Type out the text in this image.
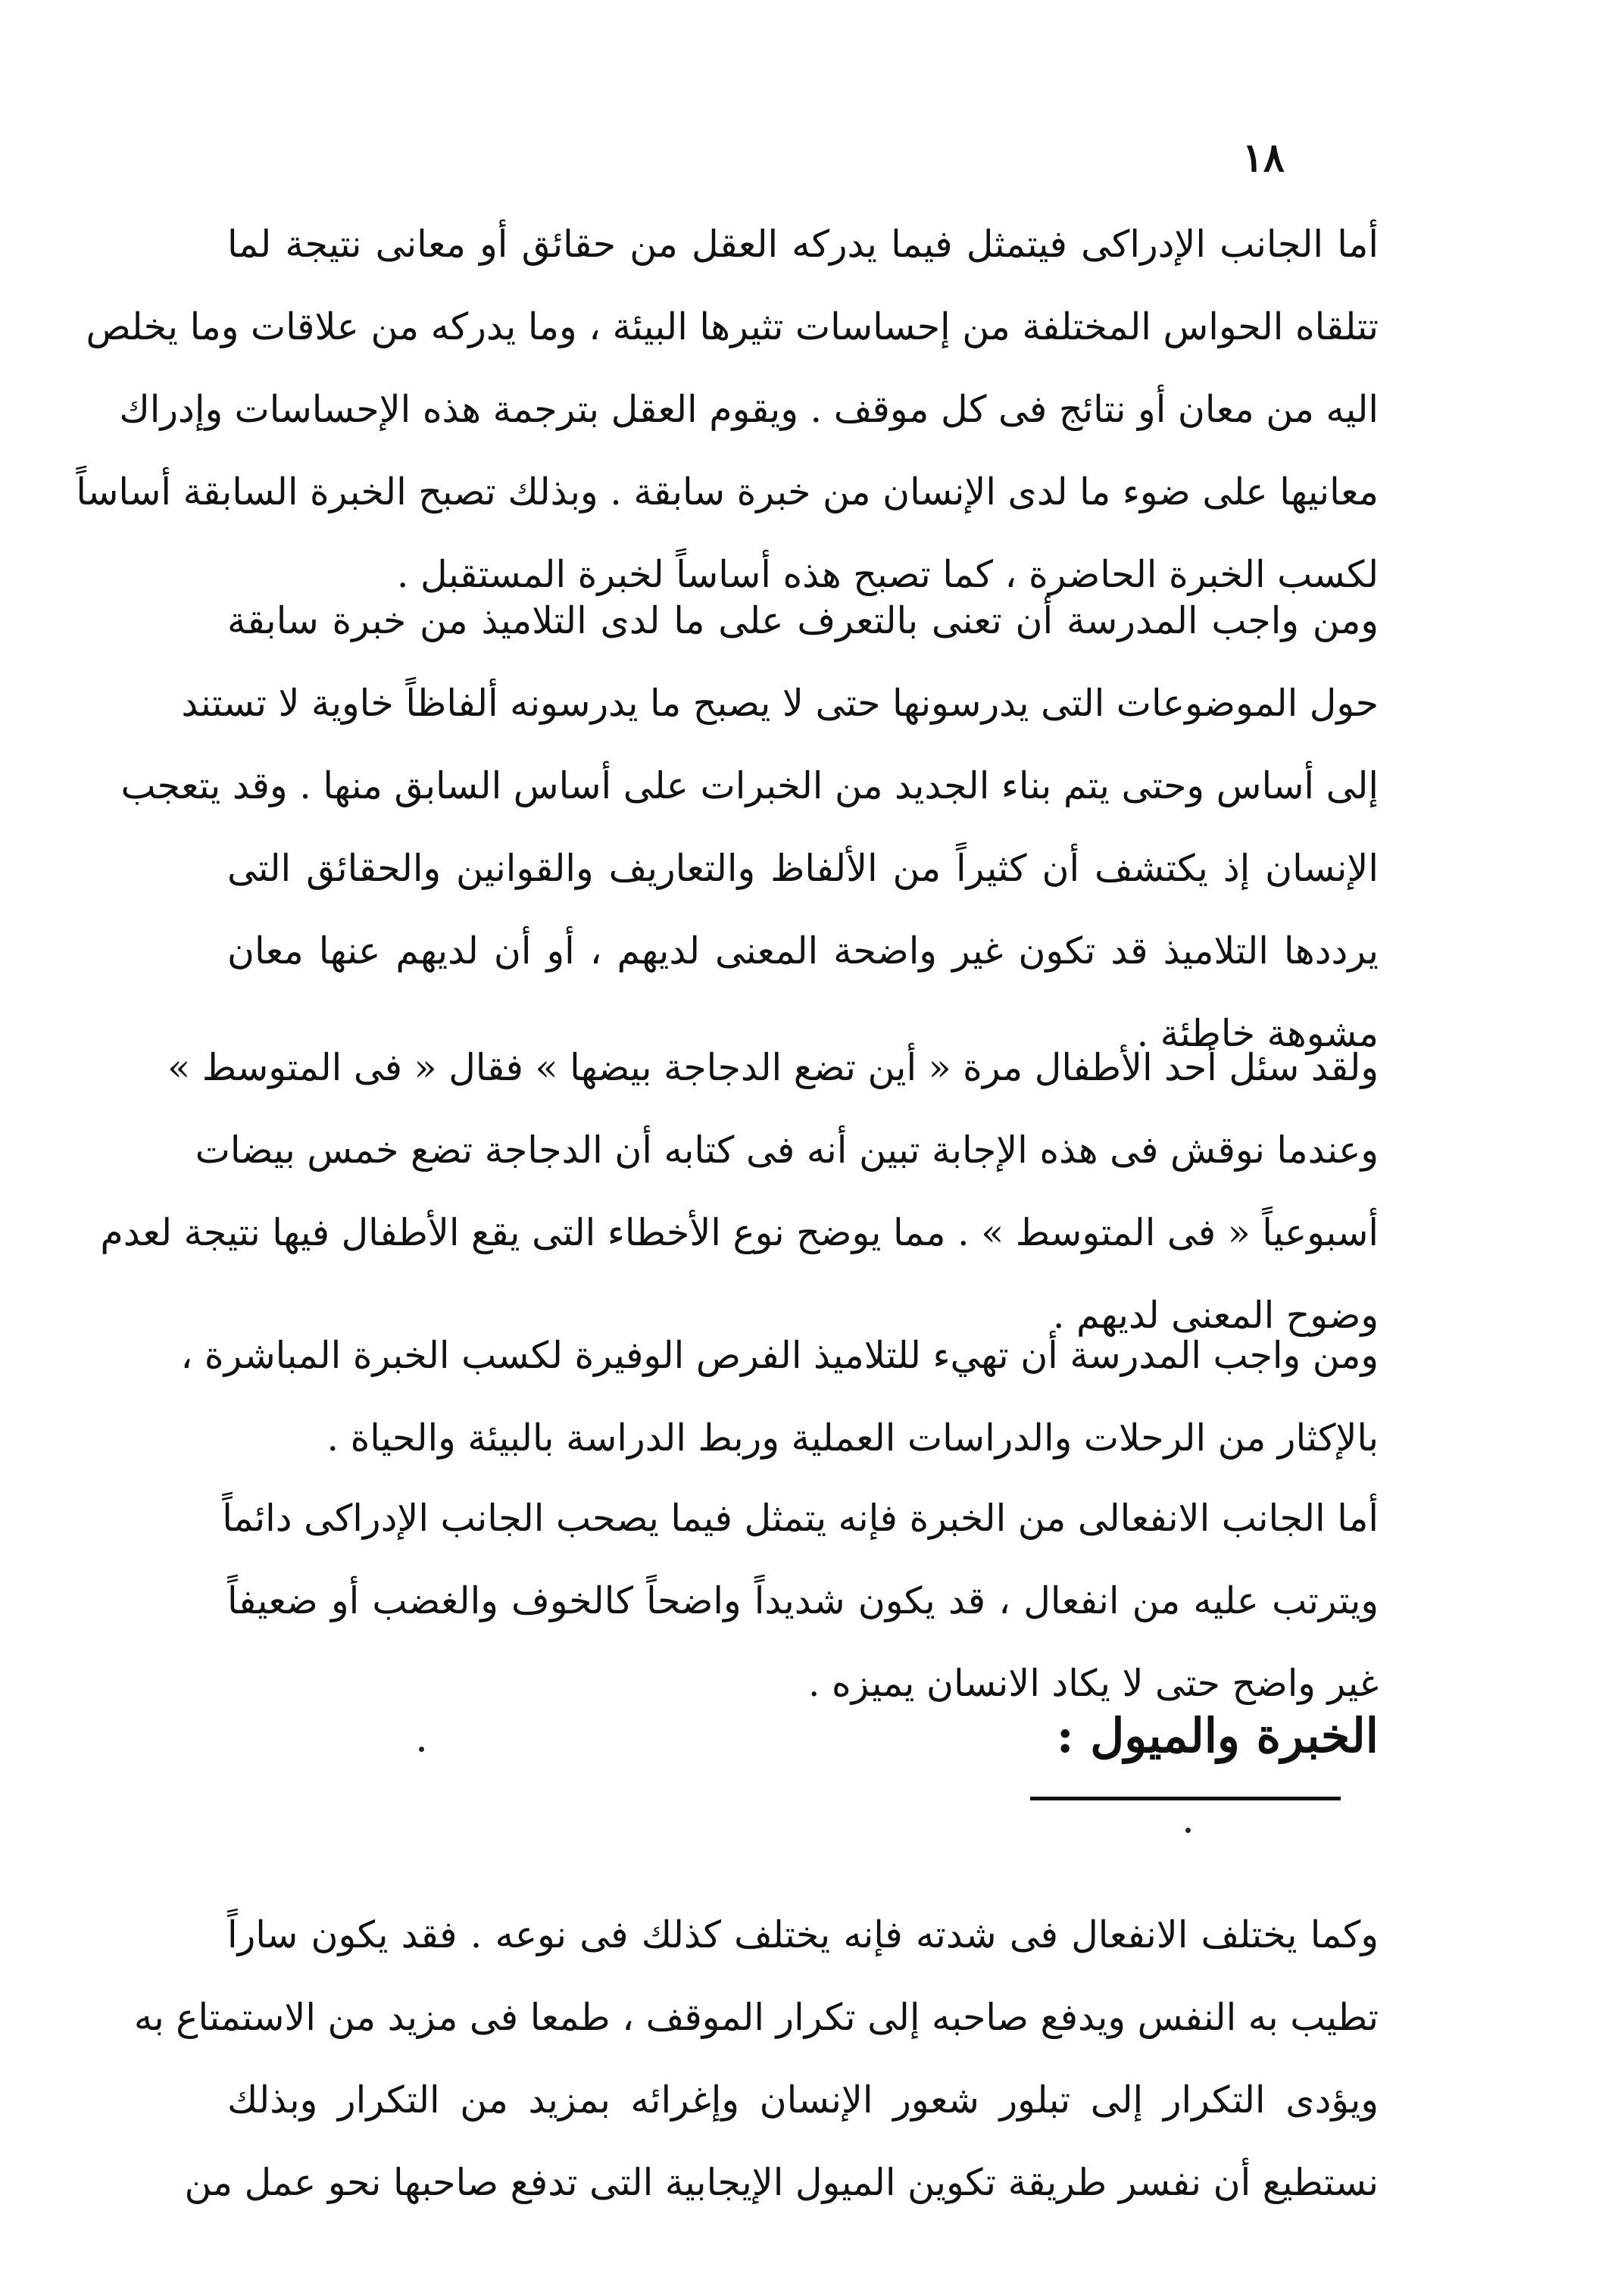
١٨
أما الجانب الإدراكى فيتمثل فيما يدركه العقل من حقائق أو معانى نتيجة لما
تتلقاه الحواس المختلفة من إحساسات تثيرها البيئة ، وما يدركه من علاقات وما يخلص
اليه من معان أو نتائج فى كل موقف . ويقوم العقل بترجمة هذه الإحساسات وإدراك
معانيها على ضوء ما لدى الإنسان من خبرة سابقة . وبذلك تصبح الخبرة السابقة أساساً
لكسب الخبرة الحاضرة ، كما تصبح هذه أساساً لخبرة المستقبل .
ومن واجب المدرسة أن تعنى بالتعرف على ما لدى التلاميذ من خبرة سابقة
حول الموضوعات التى يدرسونها حتى لا يصبح ما يدرسونه ألفاظاً خاوية لا تستند
إلى أساس وحتى يتم بناء الجديد من الخبرات على أساس السابق منها . وقد يتعجب
الإنسان إذ يكتشف أن كثيراً من الألفاظ والتعاريف والقوانين والحقائق التى
يرددها التلاميذ قد تكون غير واضحة المعنى لديهم ، أو أن لديهم عنها معان
مشوهة خاطئة .
ولقد سئل أحد الأطفال مرة « أين تضع الدجاجة بيضها » فقال « فى المتوسط »
وعندما نوقش فى هذه الإجابة تبين أنه فى كتابه أن الدجاجة تضع خمس بيضات
أسبوعياً « فى المتوسط » . مما يوضح نوع الأخطاء التى يقع الأطفال فيها نتيجة لعدم
وضوح المعنى لديهم .
ومن واجب المدرسة أن تهيء للتلاميذ الفرص الوفيرة لكسب الخبرة المباشرة ،
بالإكثار من الرحلات والدراسات العملية وربط الدراسة بالبيئة والحياة .
أما الجانب الانفعالى من الخبرة فإنه يتمثل فيما يصحب الجانب الإدراكى دائماً
ويترتب عليه من انفعال ، قد يكون شديداً واضحاً كالخوف والغضب أو ضعيفاً
غير واضح حتى لا يكاد الانسان يميزه .
الخبرة والميول :
وكما يختلف الانفعال فى شدته فإنه يختلف كذلك فى نوعه . فقد يكون ساراً
تطيب به النفس ويدفع صاحبه إلى تكرار الموقف ، طمعا فى مزيد من الاستمتاع به
ويؤدى التكرار إلى تبلور شعور الإنسان وإغرائه بمزيد من التكرار وبذلك
نستطيع أن نفسر طريقة تكوين الميول الإيجابية التى تدفع صاحبها نحو عمل من
